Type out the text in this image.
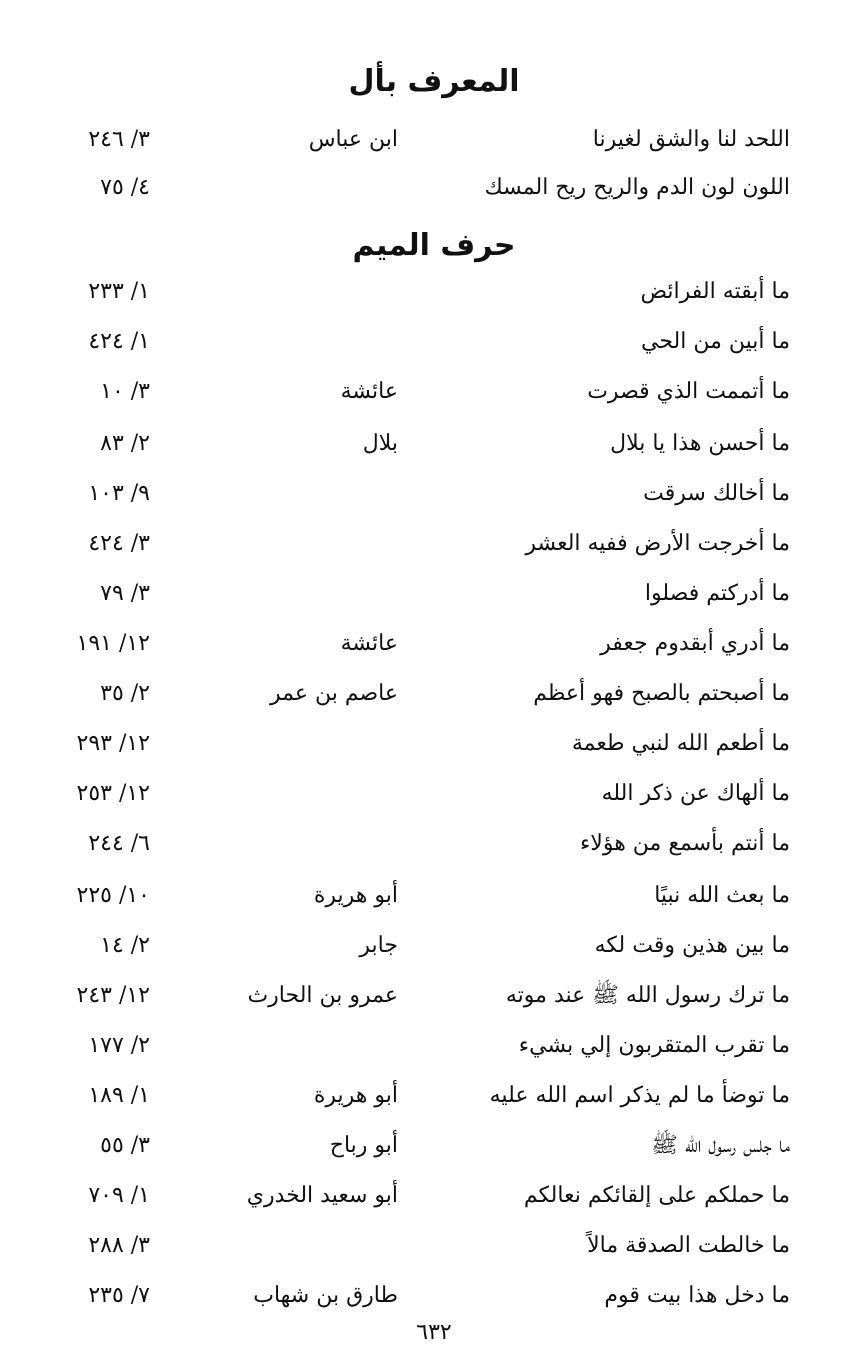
المعرف بأل
اللحد لنا والشق لغيرنا
ابن عباس
٣/ ٢٤٦
اللون لون الدم والريح ريح المسك
٤/ ٧٥
حرف الميم
ما أبقته الفرائض
١/ ٢٣٣
ما أبين من الحي
١/ ٤٢٤
ما أتممت الذي قصرت
عائشة
٣/ ١٠
ما أحسن هذا يا بلال
بلال
٢/ ٨٣
ما أخالك سرقت
٩/ ١٠٣
ما أخرجت الأرض ففيه العشر
٣/ ٤٢٤
ما أدركتم فصلوا
٣/ ٧٩
ما أدري أبقدوم جعفر
عائشة
١٢/ ١٩١
ما أصبحتم بالصبح فهو أعظم
عاصم بن عمر
٢/ ٣٥
ما أطعم الله لنبي طعمة
١٢/ ٢٩٣
ما ألهاك عن ذكر الله
١٢/ ٢٥٣
ما أنتم بأسمع من هؤلاء
٦/ ٢٤٤
ما بعث الله نبيًا
أبو هريرة
١٠/ ٢٢٥
ما بين هذين وقت لكه
جابر
٢/ ١٤
ما ترك رسول الله ﷺ عند موته
عمرو بن الحارث
١٢/ ٢٤٣
ما تقرب المتقربون إلي بشيء
٢/ ١٧٧
ما توضأ ما لم يذكر اسم الله عليه
أبو هريرة
١/ ١٨٩
ما جلس رسول الله ﷺ
أبو رباح
٣/ ٥٥
ما حملكم على إلقائكم نعالكم
أبو سعيد الخدري
١/ ٧٠٩
ما خالطت الصدقة مالاً
٣/ ٢٨٨
ما دخل هذا بيت قوم
طارق بن شهاب
٧/ ٢٣٥
٦٣٢
